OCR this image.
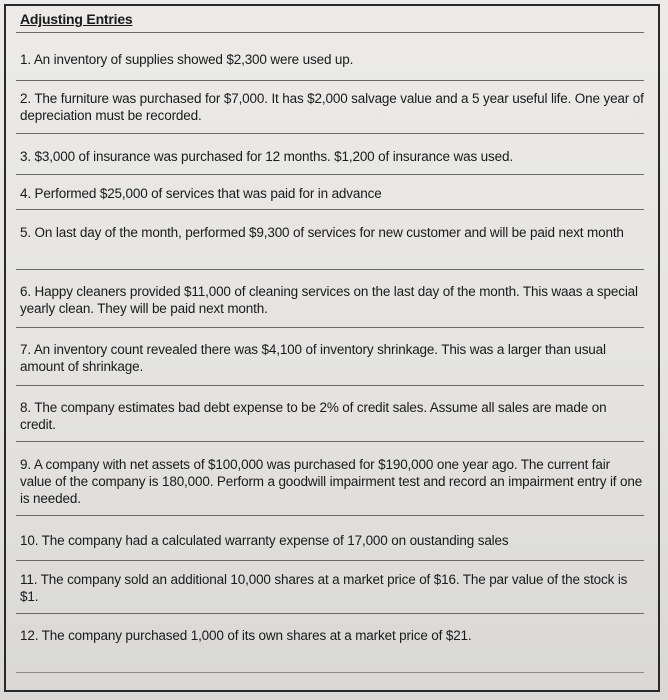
Adjusting Entries
1. An inventory of supplies showed $2,300 were used up.
2. The furniture was purchased for $7,000. It has $2,000 salvage value and a 5 year useful life. One year of depreciation must be recorded.
3. $3,000 of insurance was purchased for 12 months. $1,200 of insurance was used.
4. Performed $25,000 of services that was paid for in advance
5. On last day of the month, performed $9,300 of services for new customer and will be paid next month
6. Happy cleaners provided $11,000 of cleaning services on the last day of the month. This waas a special yearly clean. They will be paid next month.
7. An inventory count revealed there was $4,100 of inventory shrinkage. This was a larger than usual amount of shrinkage.
8. The company estimates bad debt expense to be 2% of credit sales. Assume all sales are made on credit.
9. A company with net assets of $100,000 was purchased for $190,000 one year ago. The current fair value of the company is 180,000. Perform a goodwill impairment test and record an impairment entry if one is needed.
10. The company had a calculated warranty expense of 17,000 on oustanding sales
11. The company sold an additional 10,000 shares at a market price of $16. The par value of the stock is $1.
12. The company purchased 1,000 of its own shares at a market price of $21.
